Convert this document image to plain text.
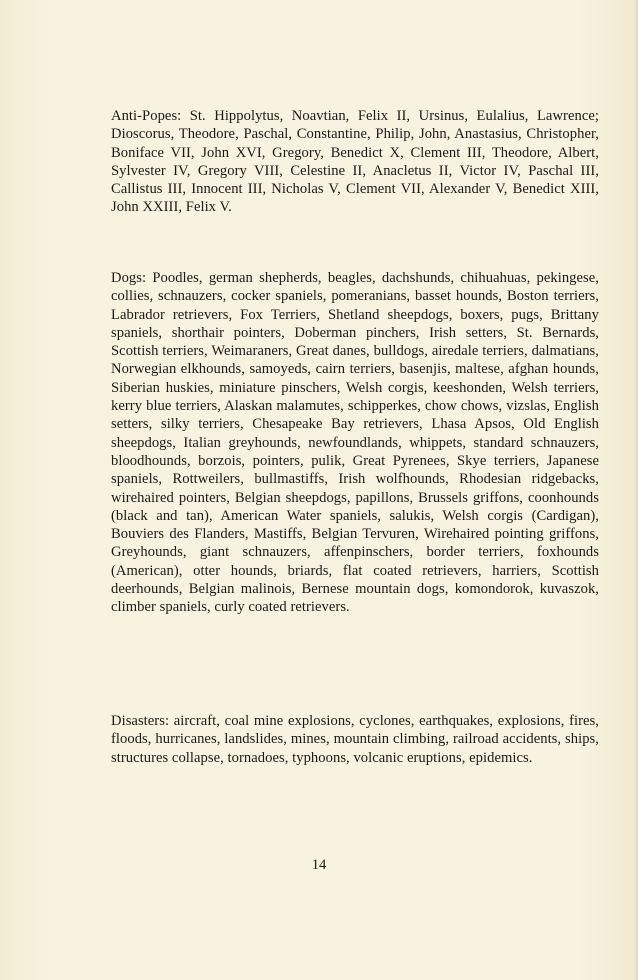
Anti-Popes: St. Hippolytus, Noavtian, Felix II, Ursinus, Eulalius, Lawrence; Dioscorus, Theodore, Paschal, Constantine, Philip, John, Anastasius, Christopher, Boniface VII, John XVI, Gregory, Benedict X, Clement III, Theodore, Albert, Sylvester IV, Gregory VIII, Celestine II, Anacletus II, Victor IV, Paschal III, Callistus III, Innocent III, Nicholas V, Clement VII, Alexander V, Benedict XIII, John XXIII, Felix V.

Dogs: Poodles, german shepherds, beagles, dachshunds, chihuahuas, pekingese, collies, schnauzers, cocker spaniels, pomeranians, basset hounds, Boston terriers, Labrador retrievers, Fox Terriers, Shetland sheepdogs, boxers, pugs, Brittany spaniels, shorthair pointers, Doberman pinchers, Irish setters, St. Bernards, Scottish terriers, Weimaraners, Great danes, bulldogs, airedale terriers, dalmatians, Norwegian elkhounds, samoyeds, cairn terriers, basenjis, maltese, afghan hounds, Siberian huskies, miniature pinschers, Welsh corgis, keeshonden, Welsh terriers, kerry blue terriers, Alaskan malamutes, schipperkes, chow chows, vizslas, English setters, silky terriers, Chesapeake Bay retrievers, Lhasa Apsos, Old English sheepdogs, Italian greyhounds, newfoundlands, whippets, standard schnauzers, bloodhounds, borzois, pointers, pulik, Great Pyrenees, Skye terriers, Japanese spaniels, Rottweilers, bullmastiffs, Irish wolfhounds, Rhodesian ridgebacks, wirehaired pointers, Belgian sheepdogs, papillons, Brussels griffons, coonhounds (black and tan), American Water spaniels, salukis, Welsh corgis (Cardigan), Bouviers des Flanders, Mastiffs, Belgian Tervuren, Wirehaired pointing griffons, Greyhounds, giant schnauzers, affenpinschers, border terriers, foxhounds (American), otter hounds, briards, flat coated retrievers, harriers, Scottish deerhounds, Belgian malinois, Bernese mountain dogs, komondorok, kuvaszok, climber spaniels, curly coated retrievers.

Disasters: aircraft, coal mine explosions, cyclones, earthquakes, explosions, fires, floods, hurricanes, landslides, mines, mountain climbing, railroad accidents, ships, structures collapse, tornadoes, typhoons, volcanic eruptions, epidemics.

14
